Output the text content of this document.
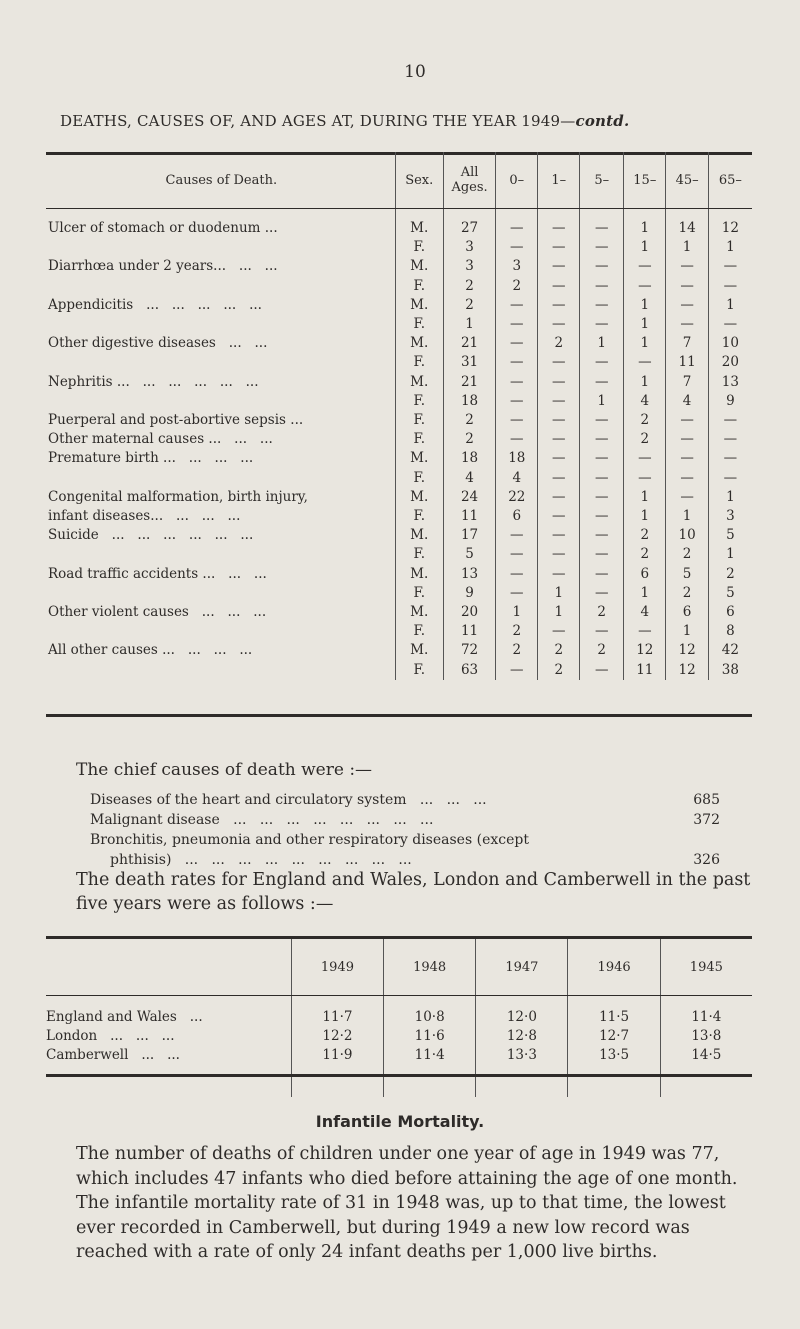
10
DEATHS, CAUSES OF, AND AGES AT, DURING THE YEAR 1949—contd.
Causes of Death.	Sex.	All Ages.	0–	1–	5–	15–	45–	65–
Ulcer of stomach or duodenum ...	M.	27	—	—	—	1	14	12
	F.	3	—	—	—	1	1	1
Diarrhœa under 2 years...   ...   ...	M.	3	3	—	—	—	—	—
	F.	2	2	—	—	—	—	—
Appendicitis   ...   ...   ...   ...   ...	M.	2	—	—	—	1	—	1
	F.	1	—	—	—	1	—	—
Other digestive diseases   ...   ...	M.	21	—	2	1	1	7	10
	F.	31	—	—	—	—	11	20
Nephritis ...   ...   ...   ...   ...   ...	M.	21	—	—	—	1	7	13
	F.	18	—	—	1	4	4	9
Puerperal and post-abortive sepsis ...	F.	2	—	—	—	2	—	—
Other maternal causes ...   ...   ...	F.	2	—	—	—	2	—	—
Premature birth ...   ...   ...   ...	M.	18	18	—	—	—	—	—
	F.	4	4	—	—	—	—	—
Congenital malformation, birth injury,	M.	24	22	—	—	1	—	1
infant diseases...   ...   ...   ...	F.	11	6	—	—	1	1	3
Suicide   ...   ...   ...   ...   ...   ...	M.	17	—	—	—	2	10	5
	F.	5	—	—	—	2	2	1
Road traffic accidents ...   ...   ...	M.	13	—	—	—	6	5	2
	F.	9	—	1	—	1	2	5
Other violent causes   ...   ...   ...	M.	20	1	1	2	4	6	6
	F.	11	2	—	—	—	1	8
All other causes ...   ...   ...   ...	M.	72	2	2	2	12	12	42
	F.	63	—	2	—	11	12	38
The chief causes of death were :—
Diseases of the heart and circulatory system   ...   ...   ...	685
Malignant disease   ...   ...   ...   ...   ...   ...   ...   ...	372
Bronchitis, pneumonia and other respiratory diseases (except
phthisis)   ...   ...   ...   ...   ...   ...   ...   ...   ...	326
The death rates for England and Wales, London and Camberwell in the past five years were as follows :—
	1949	1948	1947	1946	1945
England and Wales   ...	11·7	10·8	12·0	11·5	11·4
London   ...   ...   ...	12·2	11·6	12·8	12·7	13·8
Camberwell   ...   ...	11·9	11·4	13·3	13·5	14·5
Infantile Mortality.
The number of deaths of children under one year of age in 1949 was 77, which includes 47 infants who died before attaining the age of one month. The infantile mortality rate of 31 in 1948 was, up to that time, the lowest ever recorded in Camberwell, but during 1949 a new low record was reached with a rate of only 24 infant deaths per 1,000 live births.
